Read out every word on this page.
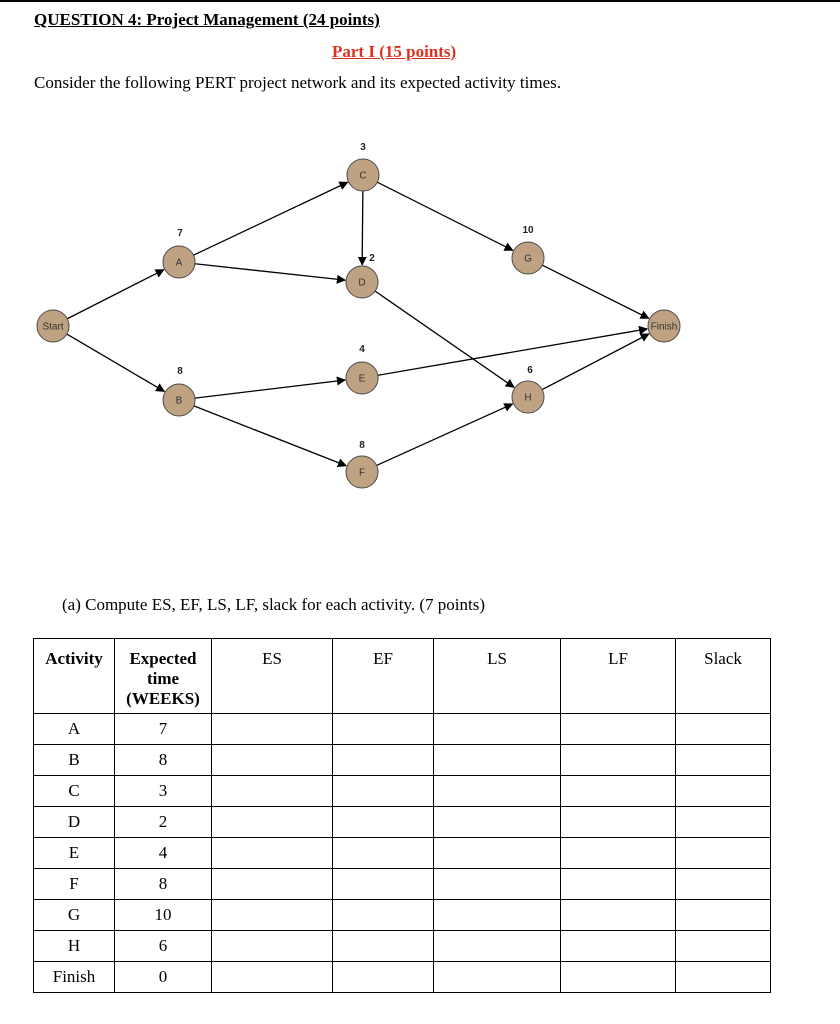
QUESTION 4: Project Management (24 points)
Part I (15 points)
Consider the following PERT project network and its expected activity times.
Start
A
7
B
8
C
3
D
2
E
4
F
8
G
10
H
6
Finish
(a) Compute ES, EF, LS, LF, slack for each activity. (7 points)
Activity	Expected
time
(WEEKS)	ES	EF	LS	LF	Slack
A	7					
B	8					
C	3					
D	2					
E	4					
F	8					
G	10					
H	6					
Finish	0					
